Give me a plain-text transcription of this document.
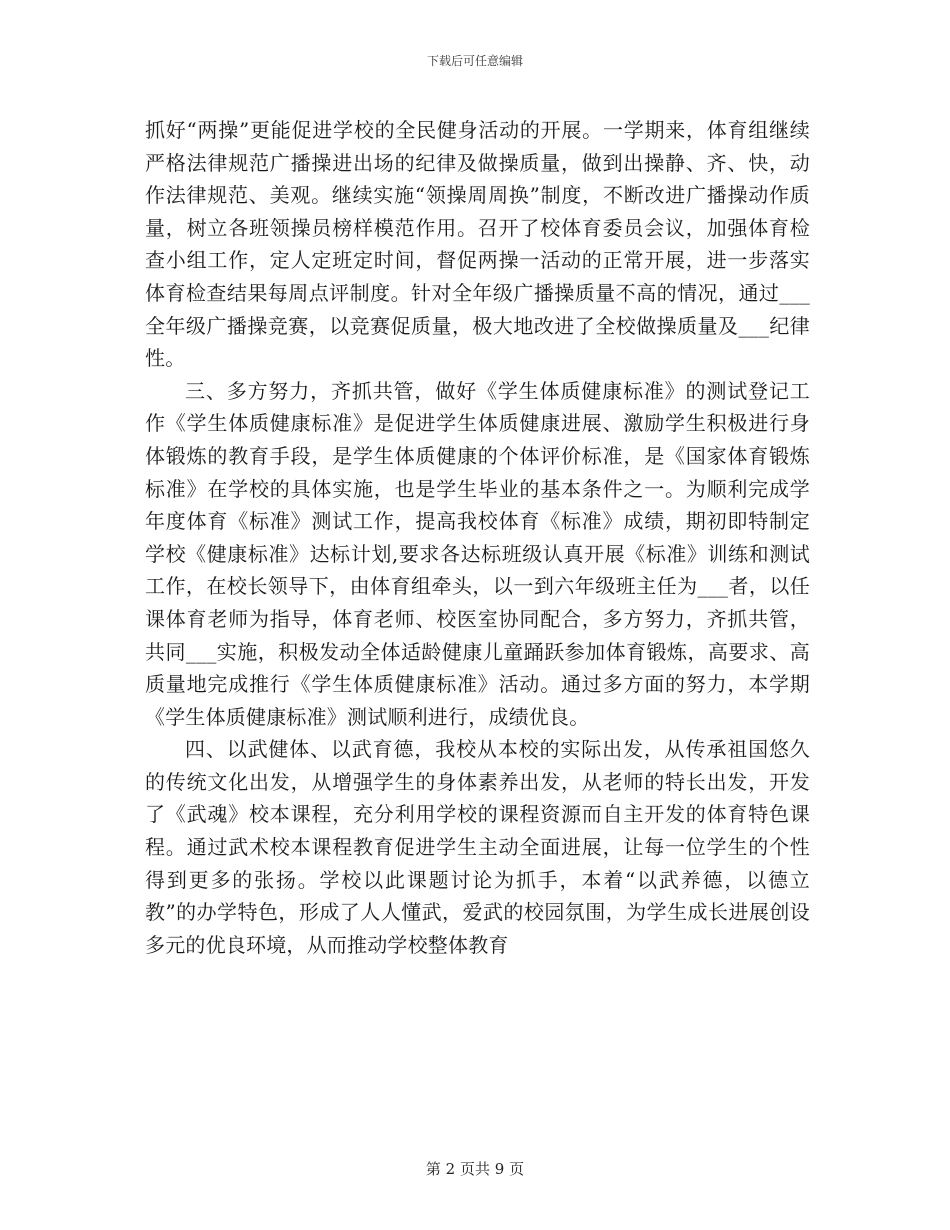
下载后可任意编辑

抓好“两操”更能促进学校的全民健身活动的开展。一学期来，体育组继续严格法律规范广播操进出场的纪律及做操质量，做到出操静、齐、快，动作法律规范、美观。继续实施“领操周周换”制度，不断改进广播操动作质量，树立各班领操员榜样模范作用。召开了校体育委员会议，加强体育检查小组工作，定人定班定时间，督促两操一活动的正常开展，进一步落实体育检查结果每周点评制度。针对全年级广播操质量不高的情况，通过___全年级广播操竞赛，以竞赛促质量，极大地改进了全校做操质量及___纪律性。

三、多方努力，齐抓共管，做好《学生体质健康标准》的测试登记工作《学生体质健康标准》是促进学生体质健康进展、激励学生积极进行身体锻炼的教育手段，是学生体质健康的个体评价标准，是《国家体育锻炼标准》在学校的具体实施，也是学生毕业的基本条件之一。为顺利完成学年度体育《标准》测试工作，提高我校体育《标准》成绩，期初即特制定学校《健康标准》达标计划,要求各达标班级认真开展《标准》训练和测试工作，在校长领导下，由体育组牵头，以一到六年级班主任为___者，以任课体育老师为指导，体育老师、校医室协同配合，多方努力，齐抓共管，共同___实施，积极发动全体适龄健康儿童踊跃参加体育锻炼，高要求、高质量地完成推行《学生体质健康标准》活动。通过多方面的努力，本学期《学生体质健康标准》测试顺利进行，成绩优良。

四、以武健体、以武育德，我校从本校的实际出发，从传承祖国悠久的传统文化出发，从增强学生的身体素养出发，从老师的特长出发，开发了《武魂》校本课程，充分利用学校的课程资源而自主开发的体育特色课程。通过武术校本课程教育促进学生主动全面进展，让每一位学生的个性得到更多的张扬。学校以此课题讨论为抓手，本着“以武养德，以德立教”的办学特色，形成了人人懂武，爱武的校园氛围，为学生成长进展创设多元的优良环境，从而推动学校整体教育

第 2 页共 9 页
